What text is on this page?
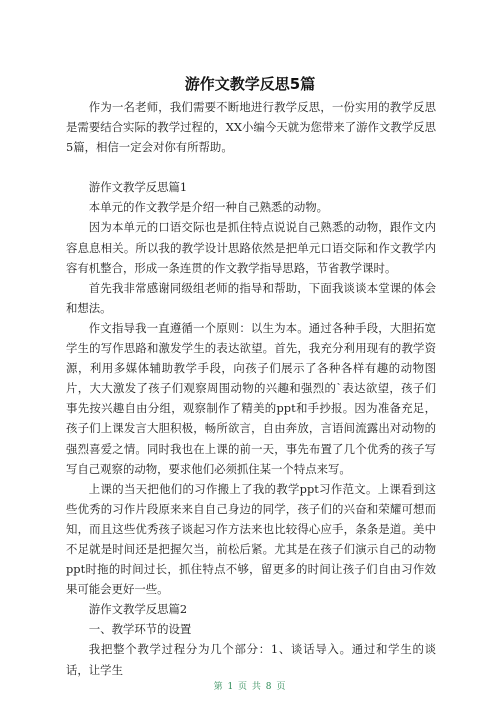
游作文教学反思5篇

作为一名老师，我们需要不断地进行教学反思，一份实用的教学反思是需要结合实际的教学过程的，XX小编今天就为您带来了游作文教学反思5篇，相信一定会对你有所帮助。

游作文教学反思篇1

本单元的作文教学是介绍一种自己熟悉的动物。

因为本单元的口语交际也是抓住特点说说自己熟悉的动物，跟作文内容息息相关。所以我的教学设计思路依然是把单元口语交际和作文教学内容有机整合，形成一条连贯的作文教学指导思路，节省教学课时。

首先我非常感谢同级组老师的指导和帮助，下面我谈谈本堂课的体会和想法。

作文指导我一直遵循一个原则：以生为本。通过各种手段，大胆拓宽学生的写作思路和激发学生的表达欲望。首先，我充分利用现有的教学资源，利用多媒体辅助教学手段，向孩子们展示了各种各样有趣的动物图片，大大激发了孩子们观察周围动物的兴趣和强烈的`表达欲望，孩子们事先按兴趣自由分组，观察制作了精美的ppt和手抄报。因为准备充足，孩子们上课发言大胆积极，畅所欲言，自由奔放，言语间流露出对动物的强烈喜爱之情。同时我也在上课的前一天，事先布置了几个优秀的孩子写写自己观察的动物，要求他们必须抓住某一个特点来写。

上课的当天把他们的习作搬上了我的教学ppt习作范文。上课看到这些优秀的习作片段原来来自自己身边的同学，孩子们的兴奋和荣耀可想而知，而且这些优秀孩子谈起习作方法来也比较得心应手，条条是道。美中不足就是时间还是把握欠当，前松后紧。尤其是在孩子们演示自己的动物ppt时拖的时间过长，抓住特点不够，留更多的时间让孩子们自由习作效果可能会更好一些。

游作文教学反思篇2

一、教学环节的设置

我把整个教学过程分为几个部分：1、谈话导入。通过和学生的谈话，让学生

第 1 页 共 8 页
